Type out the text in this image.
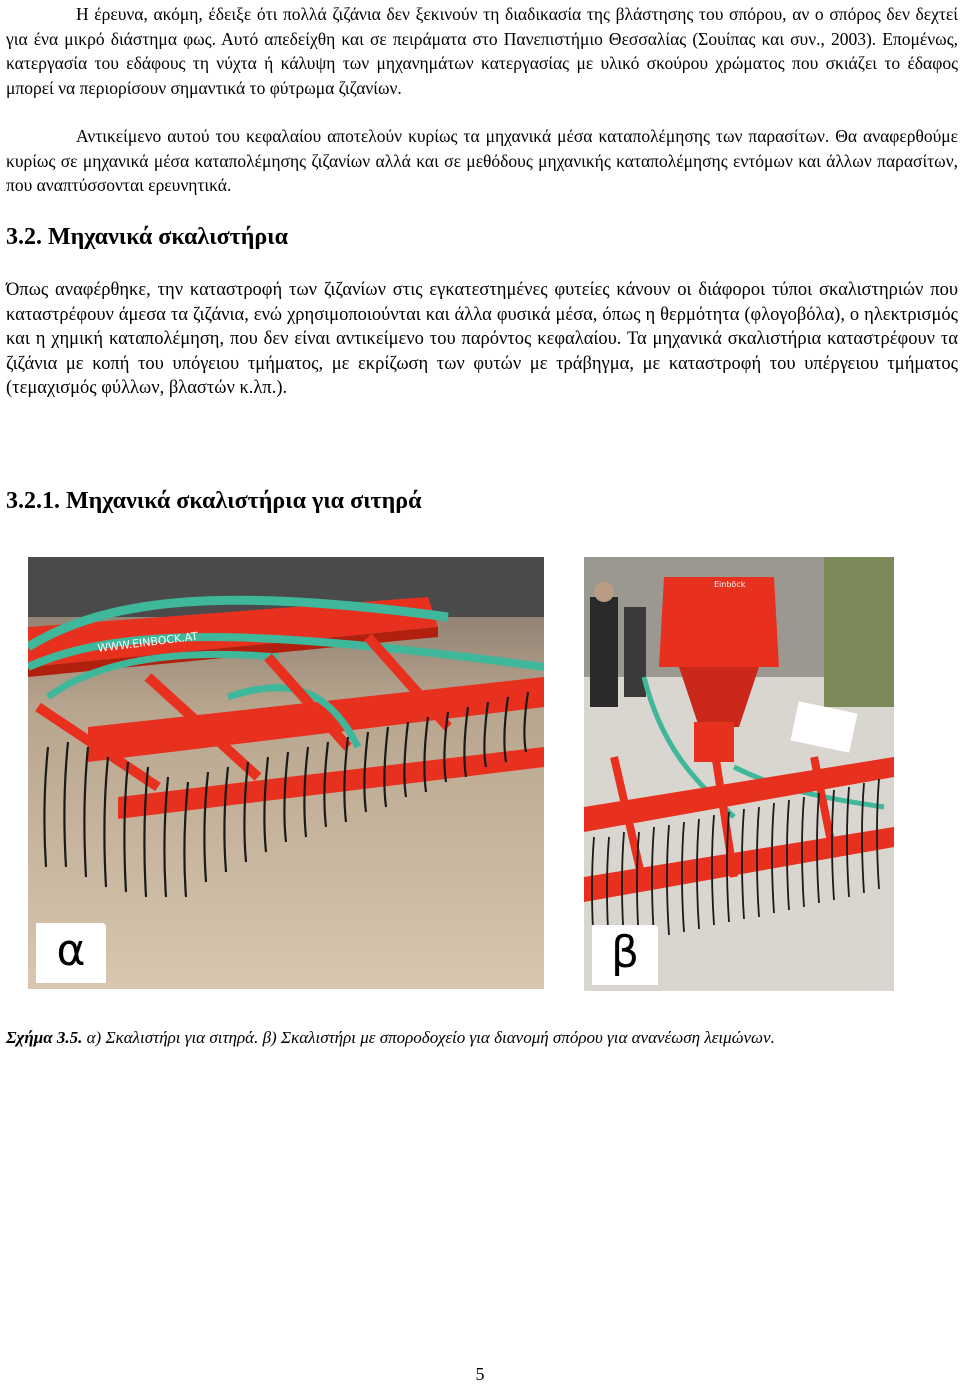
Η έρευνα, ακόμη, έδειξε ότι πολλά ζιζάνια δεν ξεκινούν τη διαδικασία της βλάστησης του σπόρου, αν ο σπόρος δεν δεχτεί για ένα μικρό διάστημα φως. Αυτό απεδείχθη και σε πειράματα στο Πανεπιστήμιο Θεσσαλίας (Σουίπας και συν., 2003). Επομένως, κατεργασία του εδάφους τη νύχτα ή κάλυψη των μηχανημάτων κατεργασίας με υλικό σκούρου χρώματος που σκιάζει το έδαφος μπορεί να περιορίσουν σημαντικά το φύτρωμα ζιζανίων.

Αντικείμενο αυτού του κεφαλαίου αποτελούν κυρίως τα μηχανικά μέσα καταπολέμησης των παρασίτων. Θα αναφερθούμε κυρίως σε μηχανικά μέσα καταπολέμησης ζιζανίων αλλά και σε μεθόδους μηχανικής καταπολέμησης εντόμων και άλλων παρασίτων, που αναπτύσσονται ερευνητικά.

3.2. Μηχανικά σκαλιστήρια

Όπως αναφέρθηκε, την καταστροφή των ζιζανίων στις εγκατεστημένες φυτείες κάνουν οι διάφοροι τύποι σκαλιστηριών που καταστρέφουν άμεσα τα ζιζάνια, ενώ χρησιμοποιούνται και άλλα φυσικά μέσα, όπως η θερμότητα (φλογοβόλα), ο ηλεκτρισμός και η χημική καταπολέμηση, που δεν είναι αντικείμενο του παρόντος κεφαλαίου. Τα μηχανικά σκαλιστήρια καταστρέφουν τα ζιζάνια με κοπή του υπόγειου τμήματος, με εκρίζωση των φυτών με τράβηγμα, με καταστροφή του υπέργειου τμήματος (τεμαχισμός φύλλων, βλαστών κ.λπ.).

3.2.1. Μηχανικά σκαλιστήρια για σιτηρά
WWW.EINBOCK.AT
α
Einböck
β

Σχήμα 3.5. α) Σκαλιστήρι για σιτηρά. β) Σκαλιστήρι με σποροδοχείο για διανομή σπόρου για ανανέωση λειμώνων.

5
